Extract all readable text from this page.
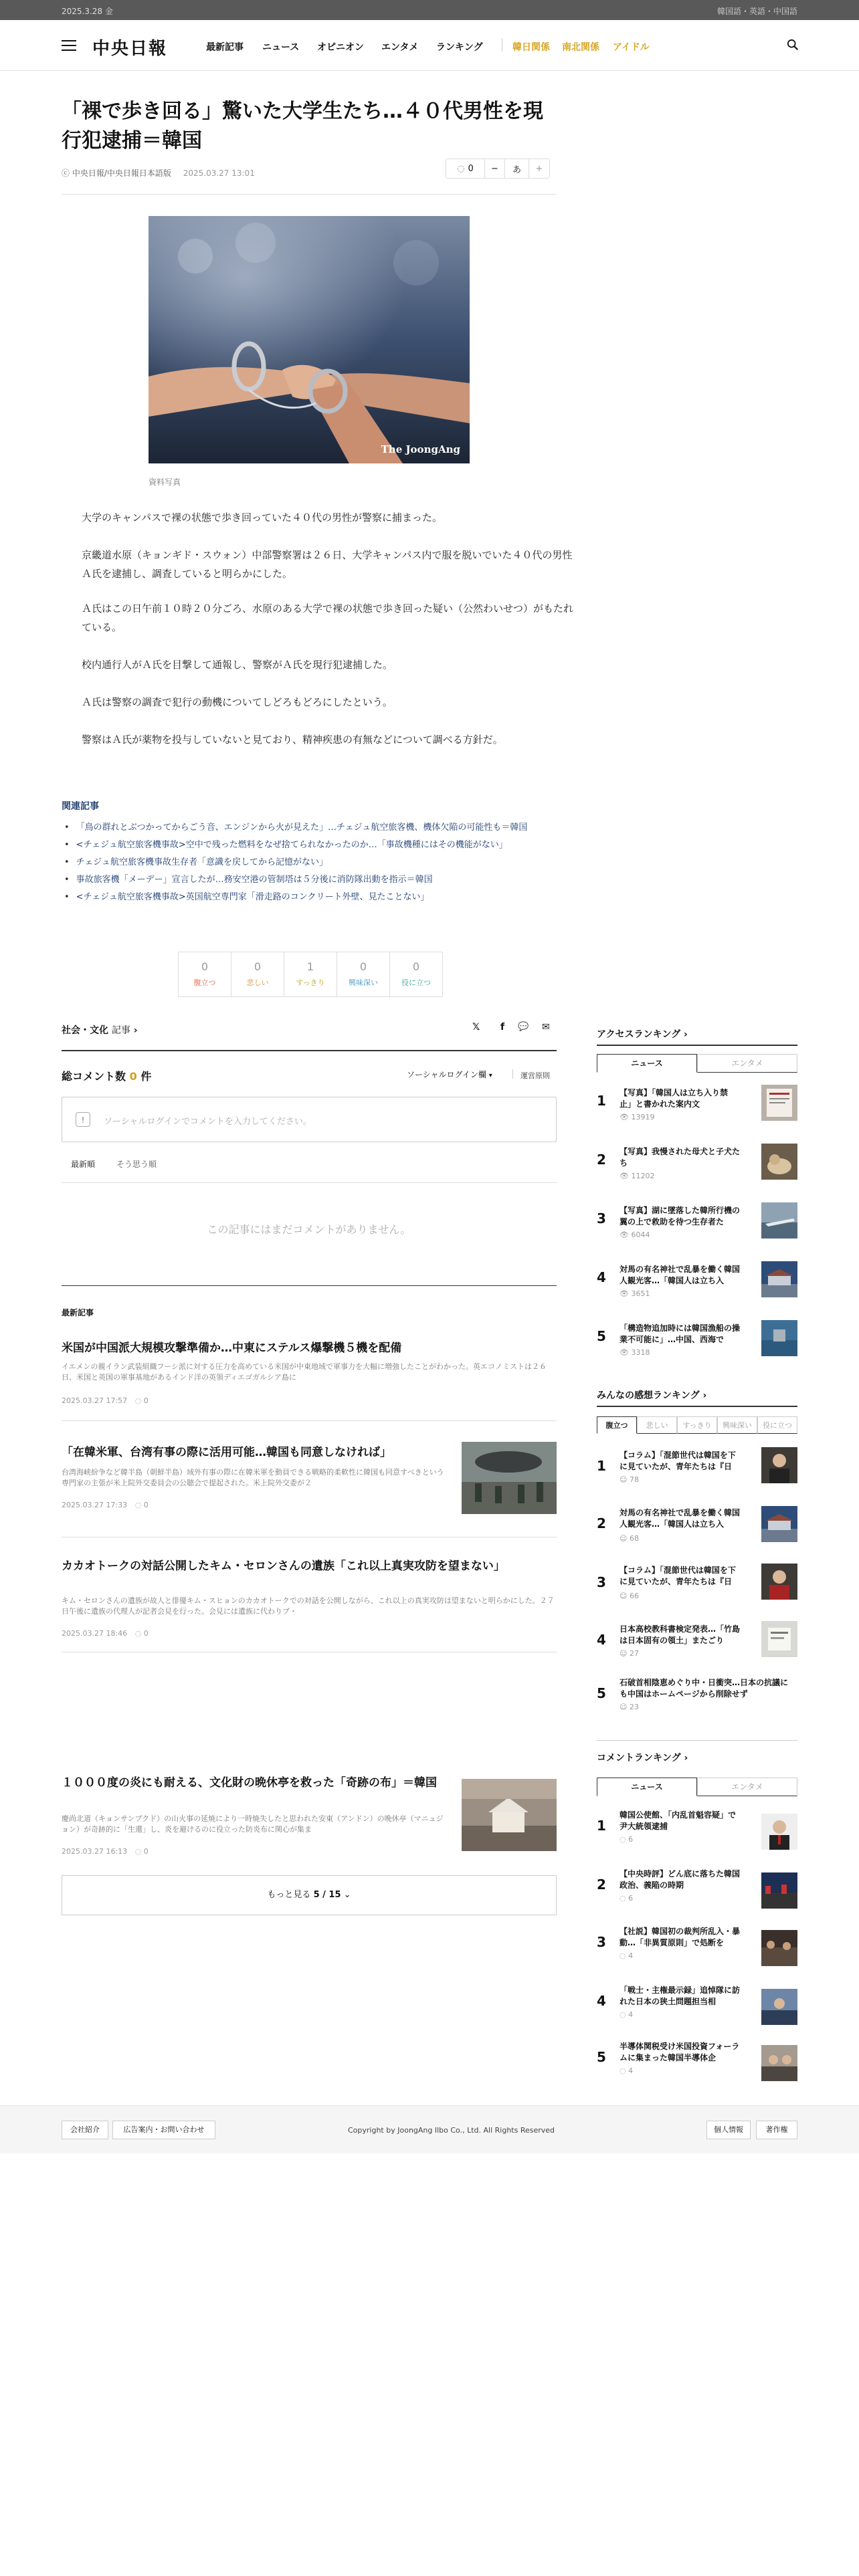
2025.3.28 金	韓国語・英語・中国語
中央日報	最新記事 ニュース オピニオン エンタメ ランキング	韓日関係 南北関係 アイドル
「裸で歩き回る」驚いた大学生たち…４０代男性を現行犯逮捕＝韓国
ⓒ 中央日報/中央日報日本語版 2025.03.27 13:01	◌ 0 −	あ	+
The JoongAng
資料写真

大学のキャンパスで裸の状態で歩き回っていた４０代の男性が警察に捕まった。

京畿道水原（キョンギド・スウォン）中部警察署は２６日、大学キャンパス内で服を脱いでいた４０代の男性Ａ氏を逮捕し、調査していると明らかにした。

Ａ氏はこの日午前１０時２０分ごろ、水原のある大学で裸の状態で歩き回った疑い（公然わいせつ）がもたれている。

校内通行人がＡ氏を目撃して通報し、警察がＡ氏を現行犯逮捕した。

Ａ氏は警察の調査で犯行の動機についてしどろもどろにしたという。

警察はＡ氏が薬物を投与していないと見ており、精神疾患の有無などについて調べる方針だ。

関連記事
• 「鳥の群れとぶつかってからごう音、エンジンから火が見えた」…チェジュ航空旅客機、機体欠陥の可能性も＝韓国
• <チェジュ航空旅客機事故>空中で残った燃料をなぜ捨てられなかったのか…「事故機種にはその機能がない」
• チェジュ航空旅客機事故生存者「意識を戻してから記憶がない」
• 事故旅客機「メーデー」宣言したが…務安空港の管制塔は５分後に消防隊出動を指示＝韓国
• <チェジュ航空旅客機事故>英国航空専門家「滑走路のコンクリート外壁、見たことない」
0
腹立つ
0
悲しい
1
すっきり
0
興味深い
0
役に立つ
社会・文化 記事 ›	𝕏 f 💬 ✉
総コメント数 0 件	ソーシャルログイン欄 ▾	運営原則
!	ソーシャルログインでコメントを入力してください。
最新順	そう思う順
この記事にはまだコメントがありません。
最新記事
米国が中国派大規模攻撃準備か…中東にステルス爆撃機５機を配備

イエメンの親イラン武装組織フーシ派に対する圧力を高めている米国が中東地域で軍事力を大幅に増強したことがわかった。英エコノミストは２６日、米国と英国の軍事基地があるインド洋の英領ディエゴガルシア島に

2025.03.27 17:57 ◌ 0
「在韓米軍、台湾有事の際に活用可能…韓国も同意しなければ」

台湾海峡紛争など韓半島（朝鮮半島）域外有事の際に在韓米軍を動員できる戦略的柔軟性に韓国も同意すべきという専門家の主張が米上院外交委員会の公聴会で提起された。米上院外交委が２

2025.03.27 17:33 ◌ 0
カカオトークの対話公開したキム・セロンさんの遺族「これ以上真実攻防を望まない」

キム・セロンさんの遺族が故人と俳優キム・スヒョンのカカオトークでの対話を公開しながら、これ以上の真実攻防は望まないと明らかにした。２７日午後に遺族の代理人が記者会見を行った。会見には遺族に代わりブ・

2025.03.27 18:46 ◌ 0
１０００度の炎にも耐える、文化財の晩休亭を救った「奇跡の布」＝韓国

慶尚北道（キョンサンブクド）の山火事の延焼により一時焼失したと思われた安東（アンドン）の晩休亭（マニュジョン）が奇跡的に「生還」し、炎を避けるのに役立った防炎布に関心が集ま

2025.03.27 16:13 ◌ 0
もっと見る 5 / 15 ⌄
アクセスランキング ›
ニュース	エンタメ
1 【写真】「韓国人は立ち入り禁止」と書かれた案内文
👁 13919
2 【写真】我慢された母犬と子犬たち
👁 11202
3 【写真】湖に墜落した韓所行機の翼の上で救助を待つ生存者た
👁 6044
4 対馬の有名神社で乱暴を働く韓国人観光客…「韓国人は立ち入
👁 3651
5 「構造物追加時には韓国漁船の操業不可能に」…中国、西海で
👁 3318
みんなの感想ランキング ›
腹立つ	悲しい	すっきり	興味深い	役に立つ
1
【コラム】「混節世代は韓国を下に見ていたが、青年たちは『日
☺ 78
2
対馬の有名神社で乱暴を働く韓国人観光客…「韓国人は立ち入
☺ 68
3
【コラム】「混節世代は韓国を下に見ていたが、青年たちは『日
☺ 66
4
日本高校教科書検定発表…「竹島は日本固有の領土」またごり
☺ 27
5
石破首相陰恵めぐり中・日衝突…日本の抗議にも中国はホームページから削除せず
☺ 23
コメントランキング ›
ニュース	エンタメ
1
韓国公使館、「内乱首魁容疑」で尹大統領逮捕
◌ 6
2
【中央時評】どん底に落ちた韓国政治、義陥の時期
◌ 6
3
【社説】韓国初の裁判所乱入・暴動…「非異質原則」で処断を
◌ 4
4
「戦士・主権最示録」追悼隊に訪れた日本の狭土問題担当相
◌ 4
5
半導体関税受け米国投資フォーラムに集まった韓国半導体企
◌ 4
会社紹介	広告案内・お問い合わせ	Copyright by JoongAng Ilbo Co., Ltd. All Rights Reserved	個人情報	著作権
